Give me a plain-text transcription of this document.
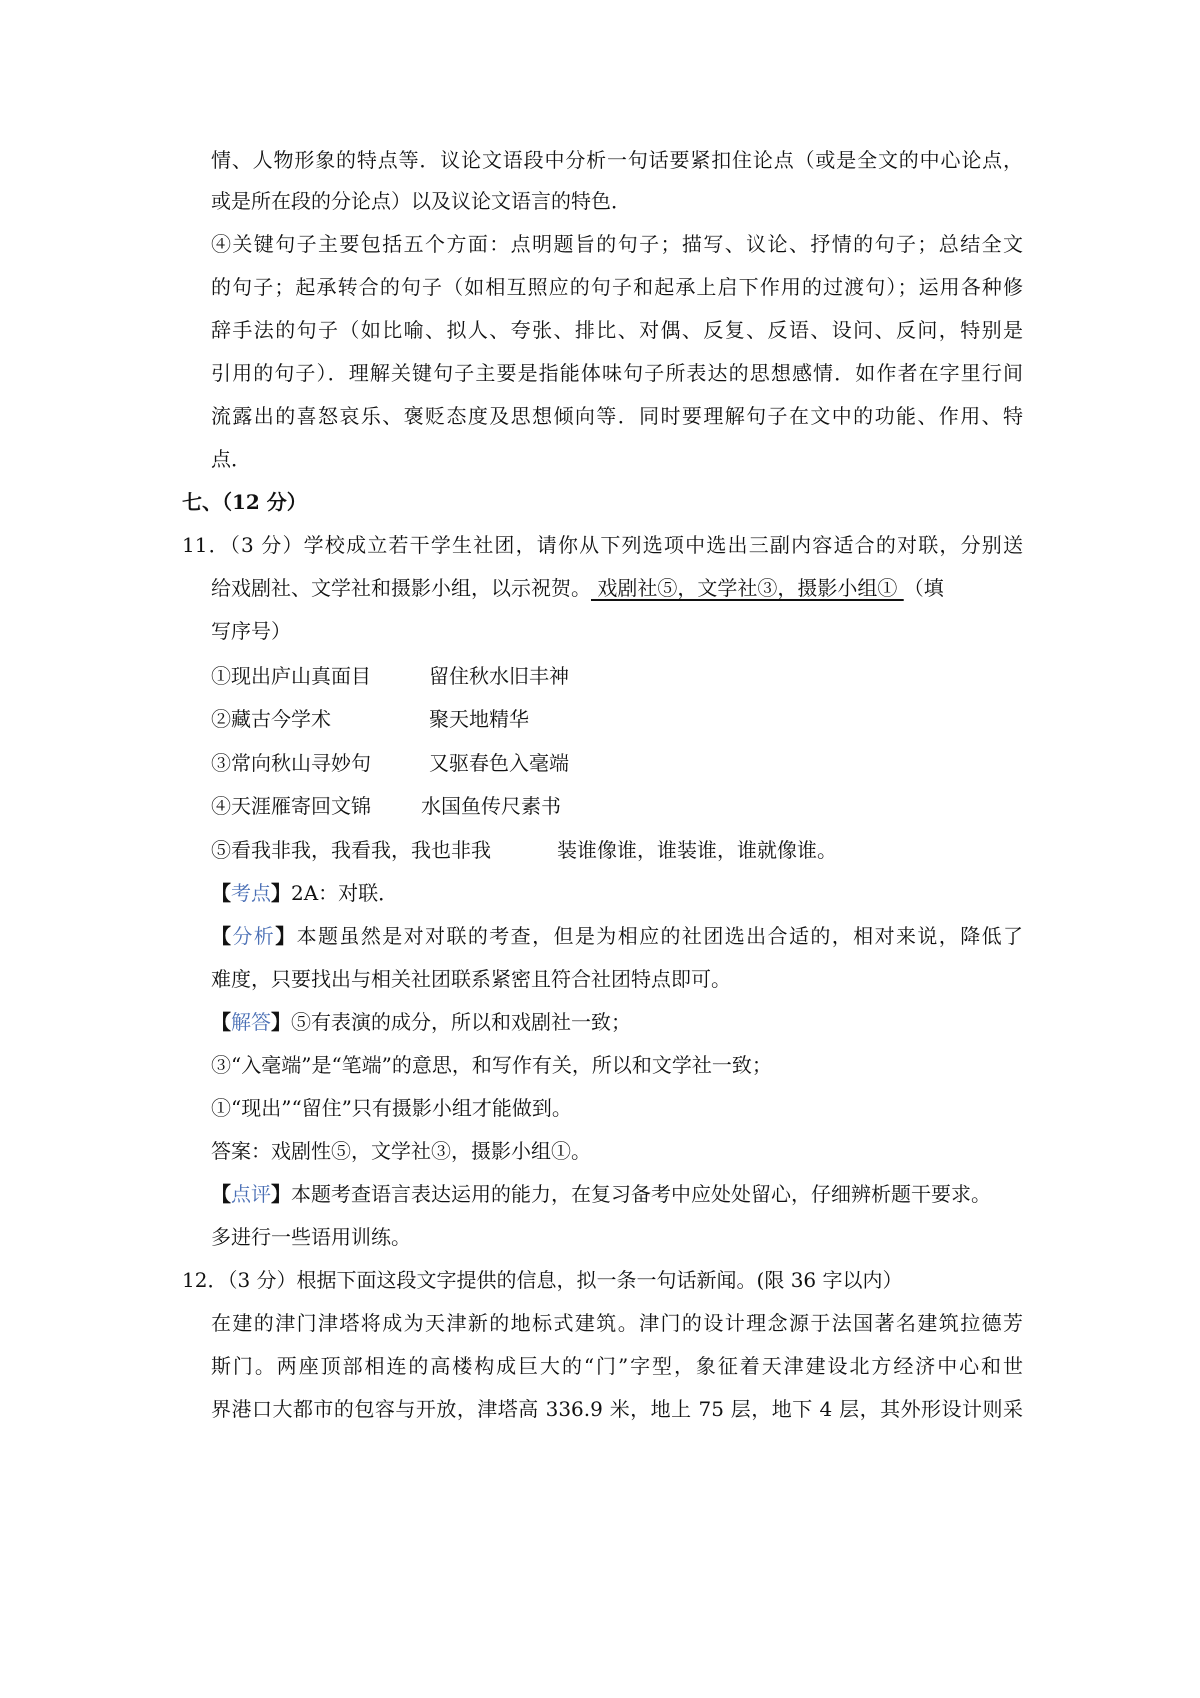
情、人物形象的特点等．议论文语段中分析一句话要紧扣住论点（或是全文的中心论点，
或是所在段的分论点）以及议论文语言的特色．
④关键句子主要包括五个方面：点明题旨的句子；描写、议论、抒情的句子；总结全文
的句子；起承转合的句子（如相互照应的句子和起承上启下作用的过渡句）；运用各种修
辞手法的句子（如比喻、拟人、夸张、排比、对偶、反复、反语、设问、反问，特别是
引用的句子）．理解关键句子主要是指能体味句子所表达的思想感情．如作者在字里行间
流露出的喜怒哀乐、褒贬态度及思想倾向等．同时要理解句子在文中的功能、作用、特
点．
七、（12 分）
11．（3 分）学校成立若干学生社团，请你从下列选项中选出三副内容适合的对联，分别送
给戏剧社、文学社和摄影小组，以示祝贺。 戏剧社⑤，文学社③，摄影小组① （填
写序号）
①现出庐山真面目	留住秋水旧丰神
②藏古今学术	聚天地精华
③常向秋山寻妙句	又驱春色入毫端
④天涯雁寄回文锦	水国鱼传尺素书
⑤看我非我，我看我，我也非我	装谁像谁，谁装谁，谁就像谁。
【考点】2A：对联．
【分析】本题虽然是对对联的考查，但是为相应的社团选出合适的，相对来说，降低了
难度，只要找出与相关社团联系紧密且符合社团特点即可。
【解答】⑤有表演的成分，所以和戏剧社一致；
③“入毫端”是“笔端”的意思，和写作有关，所以和文学社一致；
①“现出”“留住”只有摄影小组才能做到。
答案：戏剧性⑤，文学社③，摄影小组①。
【点评】本题考查语言表达运用的能力，在复习备考中应处处留心，仔细辨析题干要求。
多进行一些语用训练。
12．（3 分）根据下面这段文字提供的信息，拟一条一句话新闻。(限 36 字以内）
在建的津门津塔将成为天津新的地标式建筑。津门的设计理念源于法国著名建筑拉德芳
斯门。两座顶部相连的高楼构成巨大的“门”字型，象征着天津建设北方经济中心和世
界港口大都市的包容与开放，津塔高 336.9 米，地上 75 层，地下 4 层，其外形设计则采
